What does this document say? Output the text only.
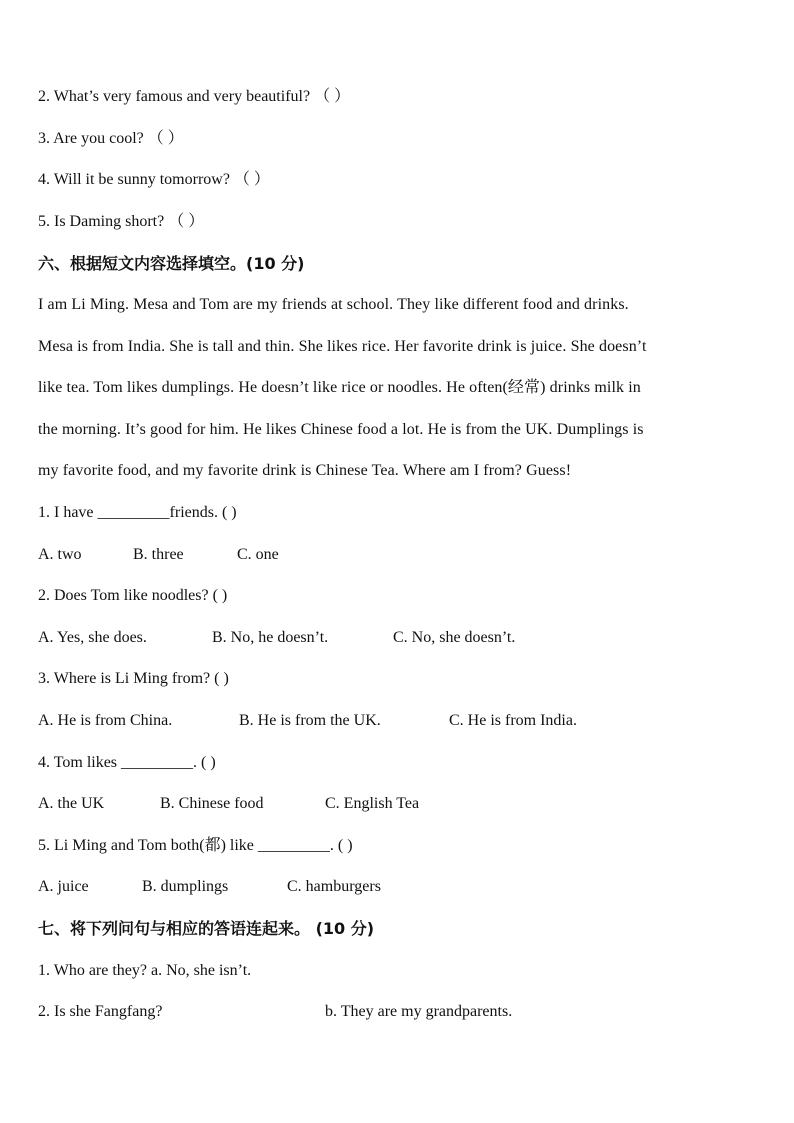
2. What’s very famous and very beautiful? （ ）
3. Are you cool? （ ）
4. Will it be sunny tomorrow? （ ）
5. Is Daming short? （ ）
六、根据短文内容选择填空。(10 分)
I am Li Ming. Mesa and Tom are my friends at school. They like different food and drinks.
Mesa is from India. She is tall and thin. She likes rice. Her favorite drink is juice. She doesn’t
like tea. Tom likes dumplings. He doesn’t like rice or noodles. He often(经常) drinks milk in
the morning. It’s good for him. He likes Chinese food a lot. He is from the UK. Dumplings is
my favorite food, and my favorite drink is Chinese Tea. Where am I from? Guess!
1. I have _________friends. ( )
A. two	B. three	C. one
2. Does Tom like noodles? ( )
A. Yes, she does.	B. No, he doesn’t.	C. No, she doesn’t.
3. Where is Li Ming from? ( )
A. He is from China.	B. He is from the UK.	C. He is from India.
4. Tom likes _________. ( )
A. the UK	B. Chinese food	C. English Tea
5. Li Ming and Tom both(都) like _________. ( )
A. juice	B. dumplings	C. hamburgers
七、将下列问句与相应的答语连起来。 (10 分)
1. Who are they? a. No, she isn’t.
2. Is she Fangfang?	b. They are my grandparents.
